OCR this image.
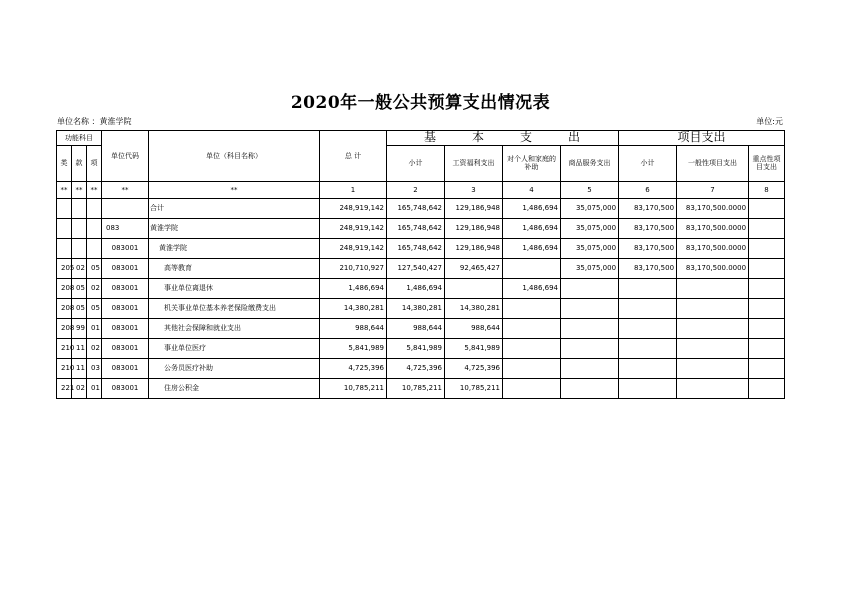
2020年一般公共预算支出情况表
单位名称 ：黄淮学院	单位:元
功能科目			单位代码	单位（科目名称）	总 计	基本支出				项目支出		
类	款	项				小计	工资福利支出	对个人和家庭的补助	商品服务支出	小计	一般性项目支出	重点性项目支出
**	**	**	**	**	1	2	3	4	5	6	7	8
				合计	248,919,142	165,748,642	129,186,948	1,486,694	35,075,000	83,170,500	83,170,500.0000	
			083	黄淮学院	248,919,142	165,748,642	129,186,948	1,486,694	35,075,000	83,170,500	83,170,500.0000	
			083001	黄淮学院	248,919,142	165,748,642	129,186,948	1,486,694	35,075,000	83,170,500	83,170,500.0000	
205	02	05	083001	高等教育	210,710,927	127,540,427	92,465,427		35,075,000	83,170,500	83,170,500.0000	
208	05	02	083001	事业单位离退休	1,486,694	1,486,694		1,486,694				
208	05	05	083001	机关事业单位基本养老保险缴费支出	14,380,281	14,380,281	14,380,281					
208	99	01	083001	其他社会保障和就业支出	988,644	988,644	988,644					
210	11	02	083001	事业单位医疗	5,841,989	5,841,989	5,841,989					
210	11	03	083001	公务员医疗补助	4,725,396	4,725,396	4,725,396					
221	02	01	083001	住房公积金	10,785,211	10,785,211	10,785,211					
